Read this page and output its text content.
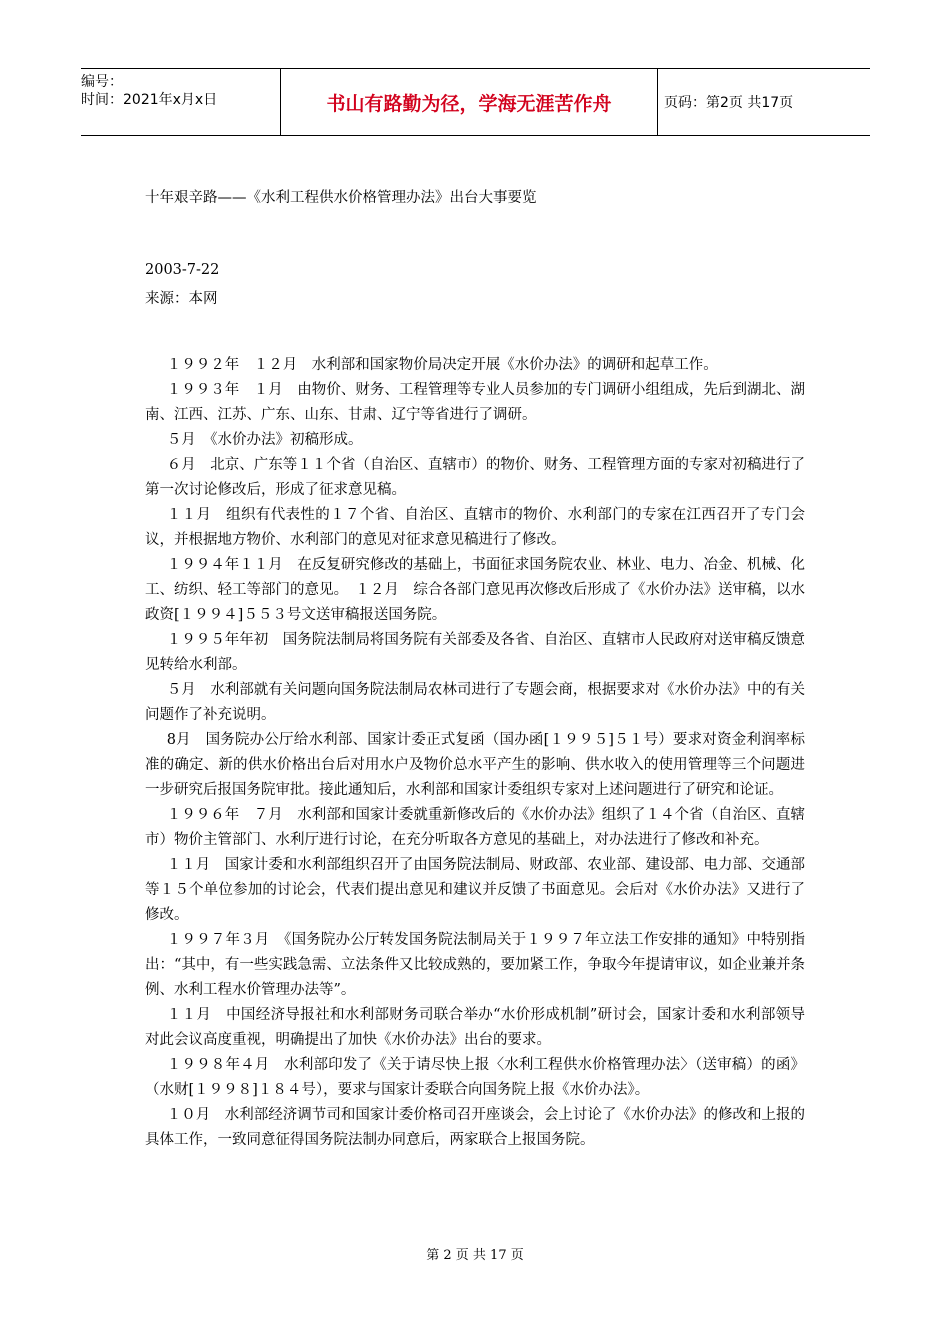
编号：
时间：2021年x月x日	书山有路勤为径，学海无涯苦作舟	页码：第2页 共17页
十年艰辛路——《水利工程供水价格管理办法》出台大事要览
2003-7-22
来源：本网

１９９２年　１２月　水利部和国家物价局决定开展《水价办法》的调研和起草工作。

１９９３年　１月　由物价、财务、工程管理等专业人员参加的专门调研小组组成，先后到湖北、湖南、江西、江苏、广东、山东、甘肃、辽宁等省进行了调研。

５月　《水价办法》初稿形成。

６月　北京、广东等１１个省（自治区、直辖市）的物价、财务、工程管理方面的专家对初稿进行了第一次讨论修改后，形成了征求意见稿。

１１月　组织有代表性的１７个省、自治区、直辖市的物价、水利部门的专家在江西召开了专门会议，并根据地方物价、水利部门的意见对征求意见稿进行了修改。

１９９４年１１月　在反复研究修改的基础上，书面征求国务院农业、林业、电力、冶金、机械、化工、纺织、轻工等部门的意见。　１２月　综合各部门意见再次修改后形成了《水价办法》送审稿，以水政资[１９９４]５５３号文送审稿报送国务院。

１９９５年年初　国务院法制局将国务院有关部委及各省、自治区、直辖市人民政府对送审稿反馈意见转给水利部。

５月　水利部就有关问题向国务院法制局农林司进行了专题会商，根据要求对《水价办法》中的有关问题作了补充说明。

8月　国务院办公厅给水利部、国家计委正式复函（国办函[１９９５]５１号）要求对资金利润率标准的确定、新的供水价格出台后对用水户及物价总水平产生的影响、供水收入的使用管理等三个问题进一步研究后报国务院审批。接此通知后，水利部和国家计委组织专家对上述问题进行了研究和论证。

１９９６年　７月　水利部和国家计委就重新修改后的《水价办法》组织了１４个省（自治区、直辖市）物价主管部门、水利厅进行讨论，在充分听取各方意见的基础上，对办法进行了修改和补充。

１１月　国家计委和水利部组织召开了由国务院法制局、财政部、农业部、建设部、电力部、交通部等１５个单位参加的讨论会，代表们提出意见和建议并反馈了书面意见。会后对《水价办法》又进行了修改。

１９９７年３月　《国务院办公厅转发国务院法制局关于１９９７年立法工作安排的通知》中特别指出：“其中，有一些实践急需、立法条件又比较成熟的，要加紧工作，争取今年提请审议，如企业兼并条例、水利工程水价管理办法等”。

１１月　中国经济导报社和水利部财务司联合举办“水价形成机制”研讨会，国家计委和水利部领导对此会议高度重视，明确提出了加快《水价办法》出台的要求。

１９９８年４月　水利部印发了《关于请尽快上报〈水利工程供水价格管理办法〉（送审稿）的函》（水财[１９９８]１８４号），要求与国家计委联合向国务院上报《水价办法》。

１０月　水利部经济调节司和国家计委价格司召开座谈会，会上讨论了《水价办法》的修改和上报的具体工作，一致同意征得国务院法制办同意后，两家联合上报国务院。

第 2 页 共 17 页
